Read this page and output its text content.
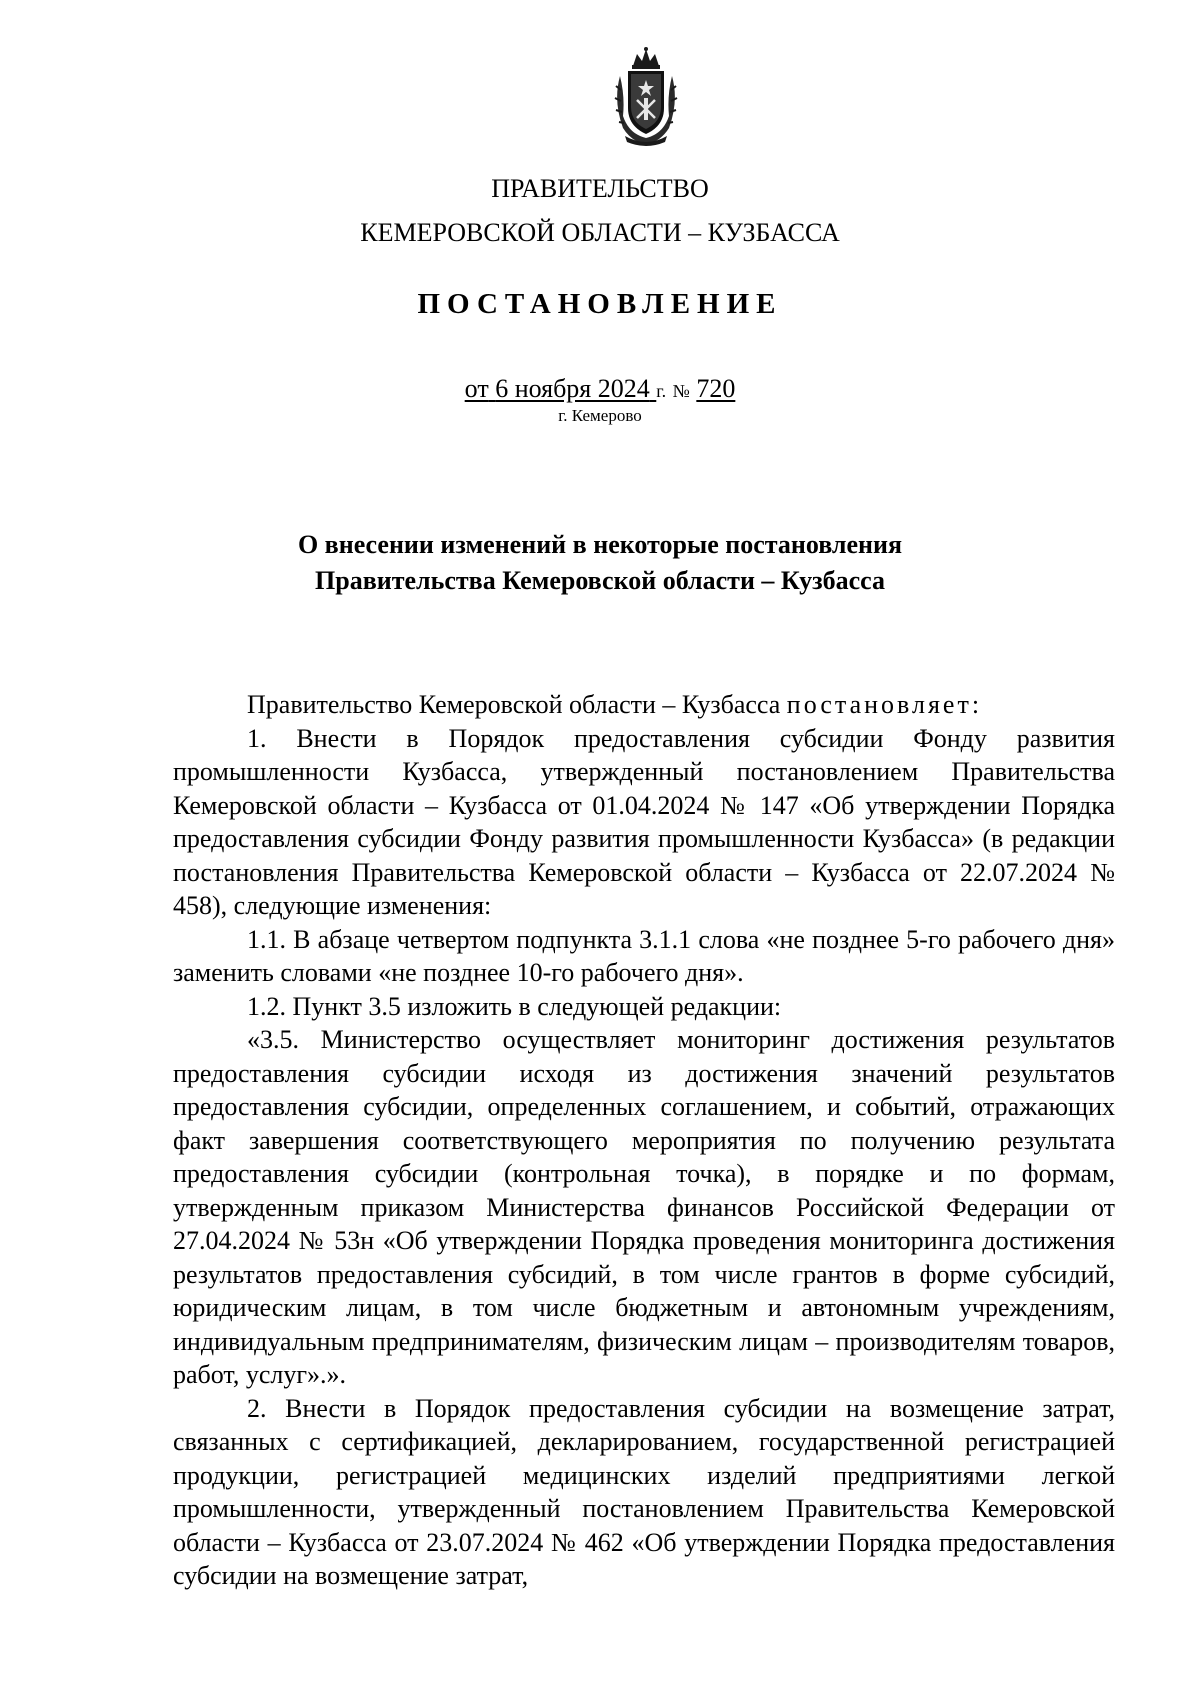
ПРАВИТЕЛЬСТВО
КЕМЕРОВСКОЙ ОБЛАСТИ – КУЗБАССА
ПОСТАНОВЛЕНИЕ
от 6 ноября 2024 г. № 720
г. Кемерово
О внесении изменений в некоторые постановления
Правительства Кемеровской области – Кузбасса

Правительство Кемеровской области – Кузбасса постановляет:

1. Внести в Порядок предоставления субсидии Фонду развития промышленности Кузбасса, утвержденный постановлением Правительства Кемеровской области – Кузбасса от 01.04.2024 № 147 «Об утверждении Порядка предоставления субсидии Фонду развития промышленности Кузбасса» (в редакции постановления Правительства Кемеровской области – Кузбасса от 22.07.2024 № 458), следующие изменения:

1.1. В абзаце четвертом подпункта 3.1.1 слова «не позднее 5-го рабочего дня» заменить словами «не позднее 10-го рабочего дня».

1.2. Пункт 3.5 изложить в следующей редакции:

«3.5. Министерство осуществляет мониторинг достижения результатов предоставления субсидии исходя из достижения значений результатов предоставления субсидии, определенных соглашением, и событий, отражающих факт завершения соответствующего мероприятия по получению результата предоставления субсидии (контрольная точка), в порядке и по формам, утвержденным приказом Министерства финансов Российской Федерации от 27.04.2024 № 53н «Об утверждении Порядка проведения мониторинга достижения результатов предоставления субсидий, в том числе грантов в форме субсидий, юридическим лицам, в том числе бюджетным и автономным учреждениям, индивидуальным предпринимателям, физическим лицам – производителям товаров, работ, услуг».».

2. Внести в Порядок предоставления субсидии на возмещение затрат, связанных с сертификацией, декларированием, государственной регистрацией продукции, регистрацией медицинских изделий предприятиями легкой промышленности, утвержденный постановлением Правительства Кемеровской области – Кузбасса от 23.07.2024 № 462 «Об утверждении Порядка предоставления субсидии на возмещение затрат,
